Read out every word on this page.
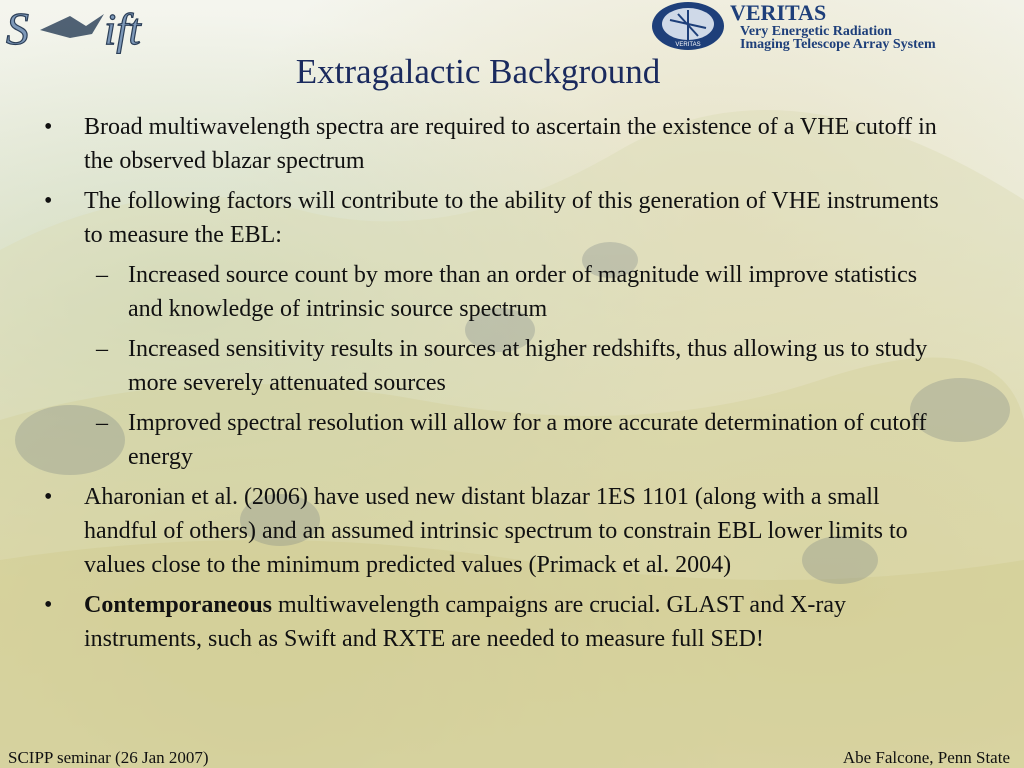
S ift	VERITAS
VERITAS
Very Energetic Radiation
Imaging Telescope Array System
Extragalactic Background
• Broad multiwavelength spectra are required to ascertain the existence of a VHE cutoff in the observed blazar spectrum
• The following factors will contribute to the ability of this generation of VHE instruments to measure the EBL:
– Increased source count by more than an order of magnitude will improve statistics and knowledge of intrinsic source spectrum
– Increased sensitivity results in sources at higher redshifts, thus allowing us to study more severely attenuated sources
– Improved spectral resolution will allow for a more accurate determination of cutoff energy
• Aharonian et al. (2006) have used new distant blazar 1ES 1101 (along with a small handful of others) and an assumed intrinsic spectrum to constrain EBL lower limits to values close to the minimum predicted values (Primack et al. 2004)
• Contemporaneous multiwavelength campaigns are crucial. GLAST and X-ray instruments, such as Swift and RXTE are needed to measure full SED!
SCIPP seminar (26 Jan 2007)	Abe Falcone, Penn State
